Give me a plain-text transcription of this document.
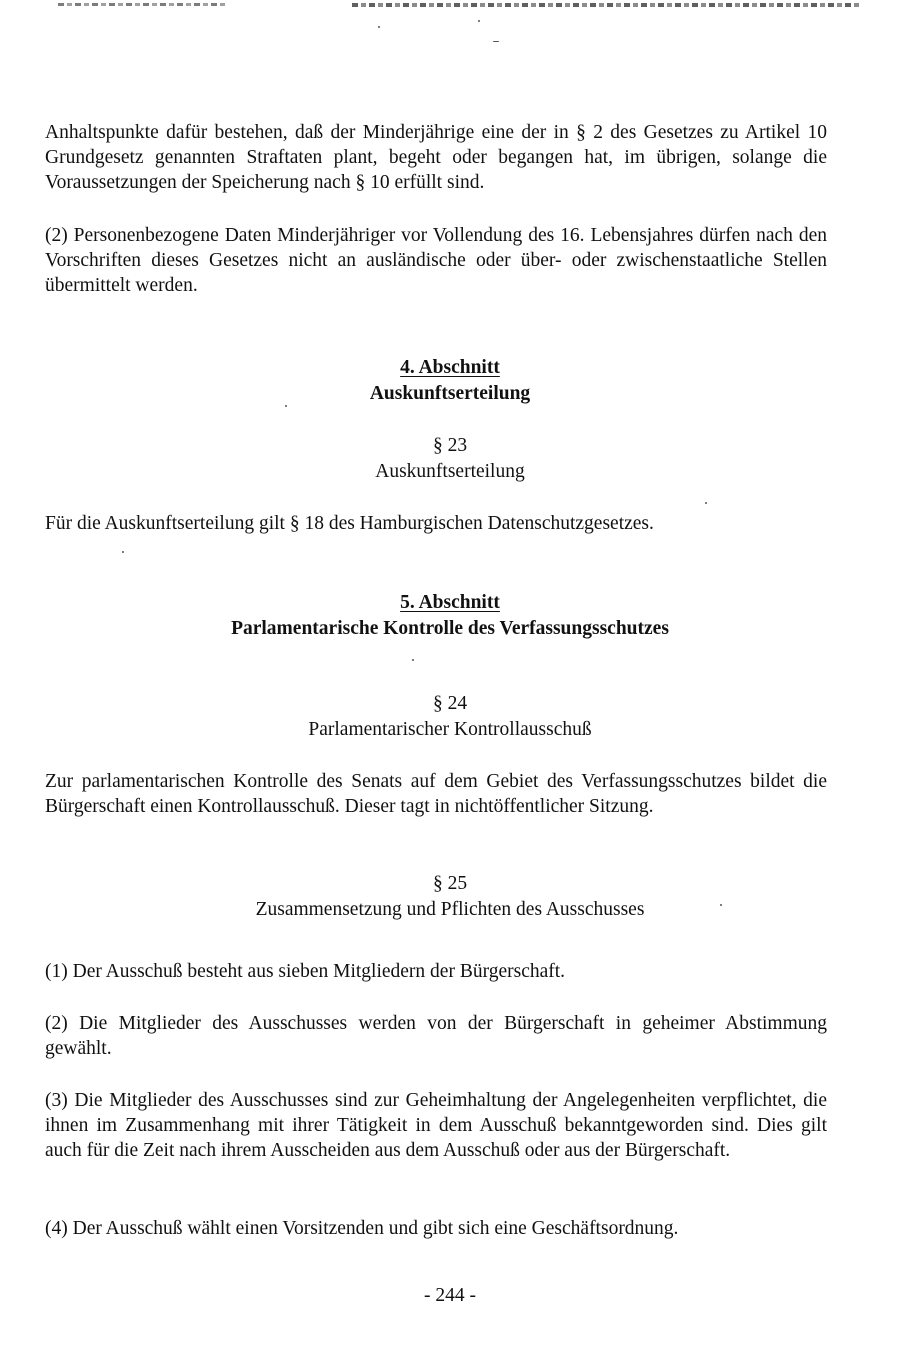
Anhaltspunkte dafür bestehen, daß der Minderjährige eine der in § 2 des Gesetzes zu Artikel 10 Grundgesetz genannten Straftaten plant, begeht oder begangen hat, im übrigen, solange die Voraussetzungen der Speicherung nach § 10 erfüllt sind.

(2) Personenbezogene Daten Minderjähriger vor Vollendung des 16. Lebensjahres dürfen nach den Vorschriften dieses Gesetzes nicht an ausländische oder über- oder zwischenstaatliche Stellen übermittelt werden.

4. Abschnitt

Auskunftserteilung

§ 23

Auskunftserteilung

Für die Auskunftserteilung gilt § 18 des Hamburgischen Datenschutzgesetzes.

5. Abschnitt

Parlamentarische Kontrolle des Verfassungsschutzes

§ 24

Parlamentarischer Kontrollausschuß

Zur parlamentarischen Kontrolle des Senats auf dem Gebiet des Verfassungsschutzes bildet die Bürgerschaft einen Kontrollausschuß. Dieser tagt in nichtöffentlicher Sitzung.

§ 25

Zusammensetzung und Pflichten des Ausschusses

(1) Der Ausschuß besteht aus sieben Mitgliedern der Bürgerschaft.

(2) Die Mitglieder des Ausschusses werden von der Bürgerschaft in geheimer Abstimmung gewählt.

(3) Die Mitglieder des Ausschusses sind zur Geheimhaltung der Angelegenheiten verpflichtet, die ihnen im Zusammenhang mit ihrer Tätigkeit in dem Ausschuß bekanntgeworden sind. Dies gilt auch für die Zeit nach ihrem Ausscheiden aus dem Ausschuß oder aus der Bürgerschaft.

(4) Der Ausschuß wählt einen Vorsitzenden und gibt sich eine Geschäftsordnung.

- 244 -
